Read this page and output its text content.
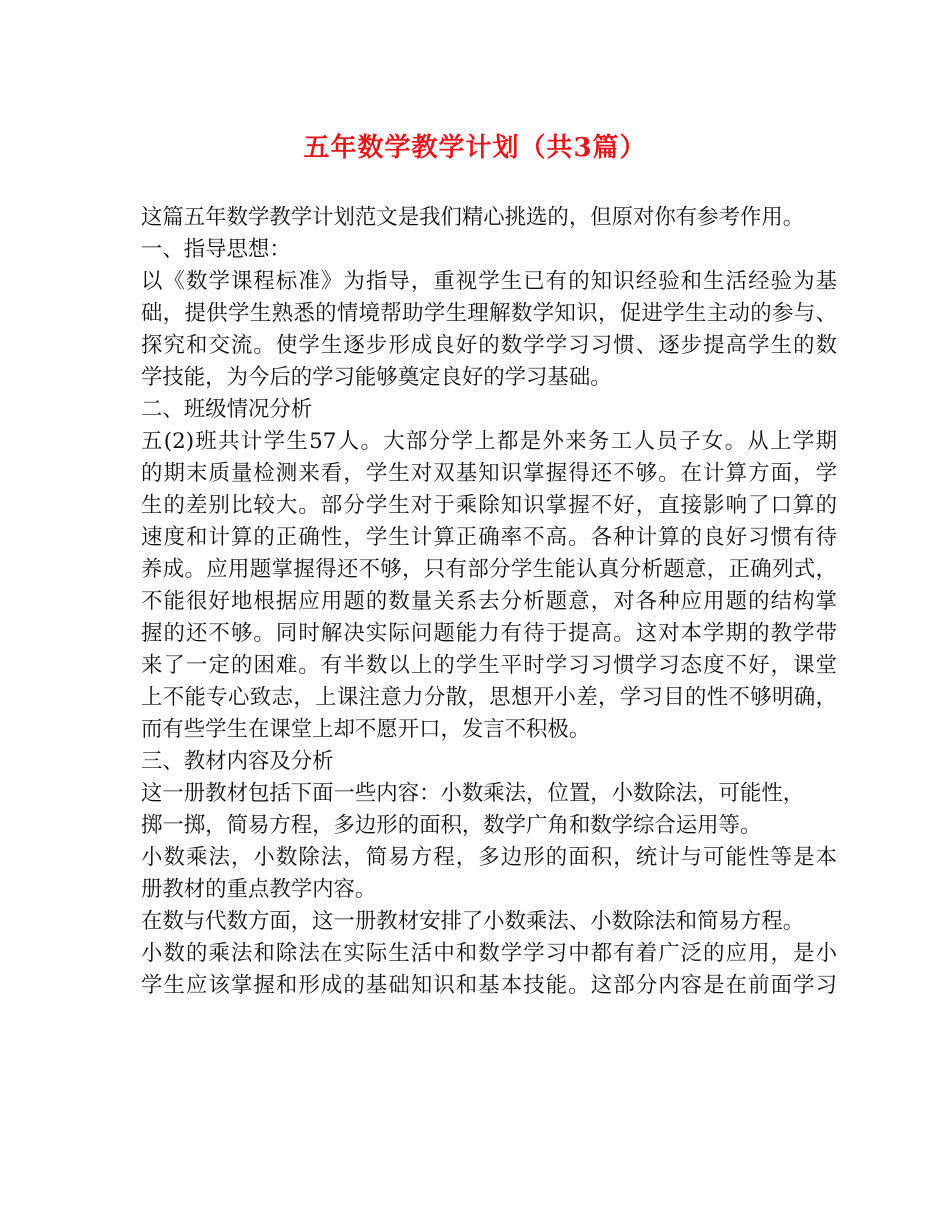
五年数学教学计划（共3篇）
这篇五年数学教学计划范文是我们精心挑选的，但原对你有参考作用。
一、指导思想：
以《数学课程标准》为指导，重视学生已有的知识经验和生活经验为基
础，提供学生熟悉的情境帮助学生理解数学知识，促进学生主动的参与、
探究和交流。使学生逐步形成良好的数学学习习惯、逐步提高学生的数
学技能，为今后的学习能够奠定良好的学习基础。
二、班级情况分析
五(2)班共计学生57人。大部分学上都是外来务工人员子女。从上学期
的期末质量检测来看，学生对双基知识掌握得还不够。在计算方面，学
生的差别比较大。部分学生对于乘除知识掌握不好，直接影响了口算的
速度和计算的正确性，学生计算正确率不高。各种计算的良好习惯有待
养成。应用题掌握得还不够，只有部分学生能认真分析题意，正确列式，
不能很好地根据应用题的数量关系去分析题意，对各种应用题的结构掌
握的还不够。同时解决实际问题能力有待于提高。这对本学期的教学带
来了一定的困难。有半数以上的学生平时学习习惯学习态度不好，课堂
上不能专心致志，上课注意力分散，思想开小差，学习目的性不够明确，
而有些学生在课堂上却不愿开口，发言不积极。
三、教材内容及分析
这一册教材包括下面一些内容：小数乘法，位置，小数除法，可能性，
掷一掷，简易方程，多边形的面积，数学广角和数学综合运用等。
小数乘法，小数除法，简易方程，多边形的面积，统计与可能性等是本
册教材的重点教学内容。
在数与代数方面，这一册教材安排了小数乘法、小数除法和简易方程。
小数的乘法和除法在实际生活中和数学学习中都有着广泛的应用，是小
学生应该掌握和形成的基础知识和基本技能。这部分内容是在前面学习
